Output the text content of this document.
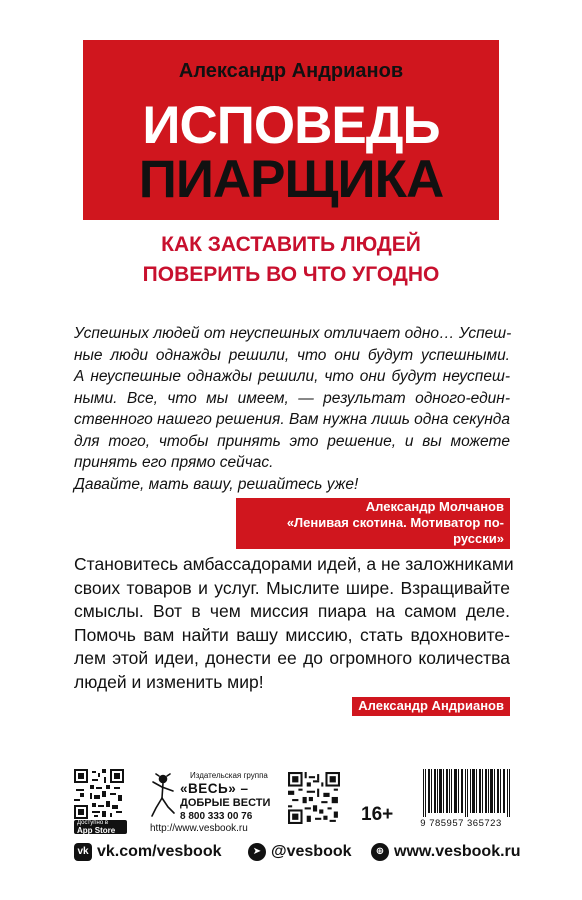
Александр Андрианов
ИСПОВЕДЬ
ПИАРЩИКА
КАК ЗАСТАВИТЬ ЛЮДЕЙ
ПОВЕРИТЬ ВО ЧТО УГОДНО
Успешных людей от неуспешных отличает одно… Успеш-
ные люди однажды решили, что они будут успешными.
А неуспешные однажды решили, что они будут неуспеш-
ными. Все, что мы имеем, — результат одного-един-
ственного нашего решения. Вам нужна лишь одна секунда
для того, чтобы принять это решение, и вы можете
принять его прямо сейчас.
Давайте, мать вашу, решайтесь уже!
Александр Молчанов
«Ленивая скотина. Мотиватор по-русски»
Становитесь амбассадорами идей, а не заложниками
своих товаров и услуг. Мыслите шире. Взращивайте
смыслы. Вот в чем миссия пиара на самом деле.
Помочь вам найти вашу миссию, стать вдохновите-
лем этой идеи, донести ее до огромного количества
людей и изменить мир!
Александр Андрианов
Доступно в
App Store
Издательская группа
«ВЕСЬ» –
ДОБРЫЕ ВЕСТИ
8 800 333 00 76
http://www.vesbook.ru
16+	9 785957 365723
vk vk.com/vesbook	➤ @vesbook	⊕ www.vesbook.ru
